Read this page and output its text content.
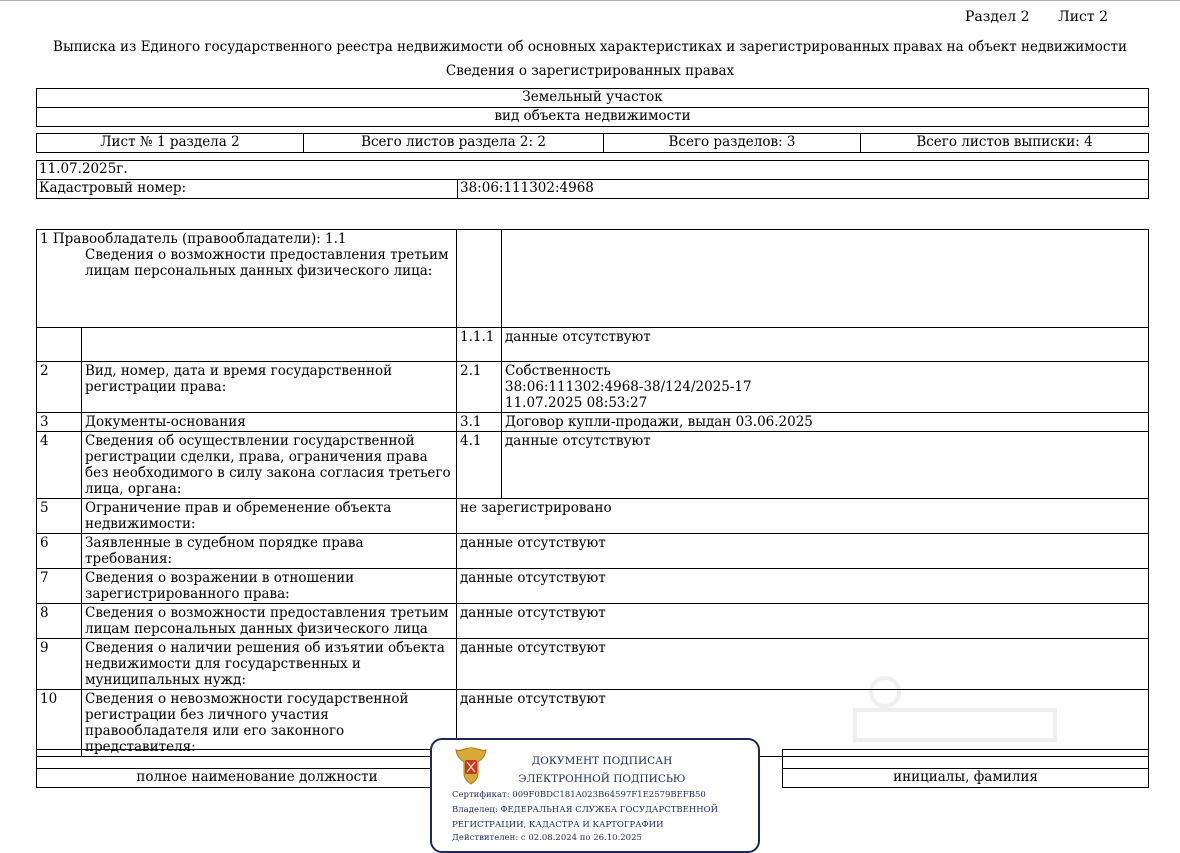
Раздел 2 Лист 2
Выписка из Единого государственного реестра недвижимости об основных характеристиках и зарегистрированных правах на объект недвижимости
Сведения о зарегистрированных правах
Земельный участок
вид объекта недвижимости
Лист № 1 раздела 2	Всего листов раздела 2: 2	Всего разделов: 3	Всего листов выписки: 4
11.07.2025г.
Кадастровый номер:	38:06:111302:4968
1 Правообладатель (правообладатели): 1.1
Сведения о возможности предоставления третьим лицам персональных данных физического лица:			

		1.1.1	данные отсутствуют
2	Вид, номер, дата и время государственной регистрации права:	2.1	Собственность
38:06:111302:4968-38/124/2025-17
11.07.2025 08:53:27

3	Документы-основания	3.1	Договор купли-продажи, выдан 03.06.2025
4	Сведения об осуществлении государственной регистрации сделки, права, ограничения права без необходимого в силу закона согласия третьего лица, органа:	4.1	данные отсутствуют
5	Ограничение прав и обременение объекта недвижимости:	не зарегистрировано	
6	Заявленные в судебном порядке права требования:	данные отсутствуют	
7	Сведения о возражении в отношении зарегистрированного права:	данные отсутствуют	
8	Сведения о возможности предоставления третьим лицам персональных данных физического лица	данные отсутствуют	
9	Сведения о наличии решения об изъятии объекта недвижимости для государственных и муниципальных нужд:	данные отсутствуют	
10	Сведения о невозможности государственной регистрации без личного участия правообладателя или его законного представителя:	данные отсутствуют	

полное наименование должности		инициалы, фамилия
ДОКУМЕНТ ПОДПИСАН
ЭЛЕКТРОННОЙ ПОДПИСЬЮ
Сертификат: 009F0BDC181A023B64597F1E2579BEFB50
Владелец: ФЕДЕРАЛЬНАЯ СЛУЖБА ГОСУДАРСТВЕННОЙ
РЕГИСТРАЦИИ, КАДАСТРА И КАРТОГРАФИИ
Действителен: с 02.08.2024 по 26.10.2025
